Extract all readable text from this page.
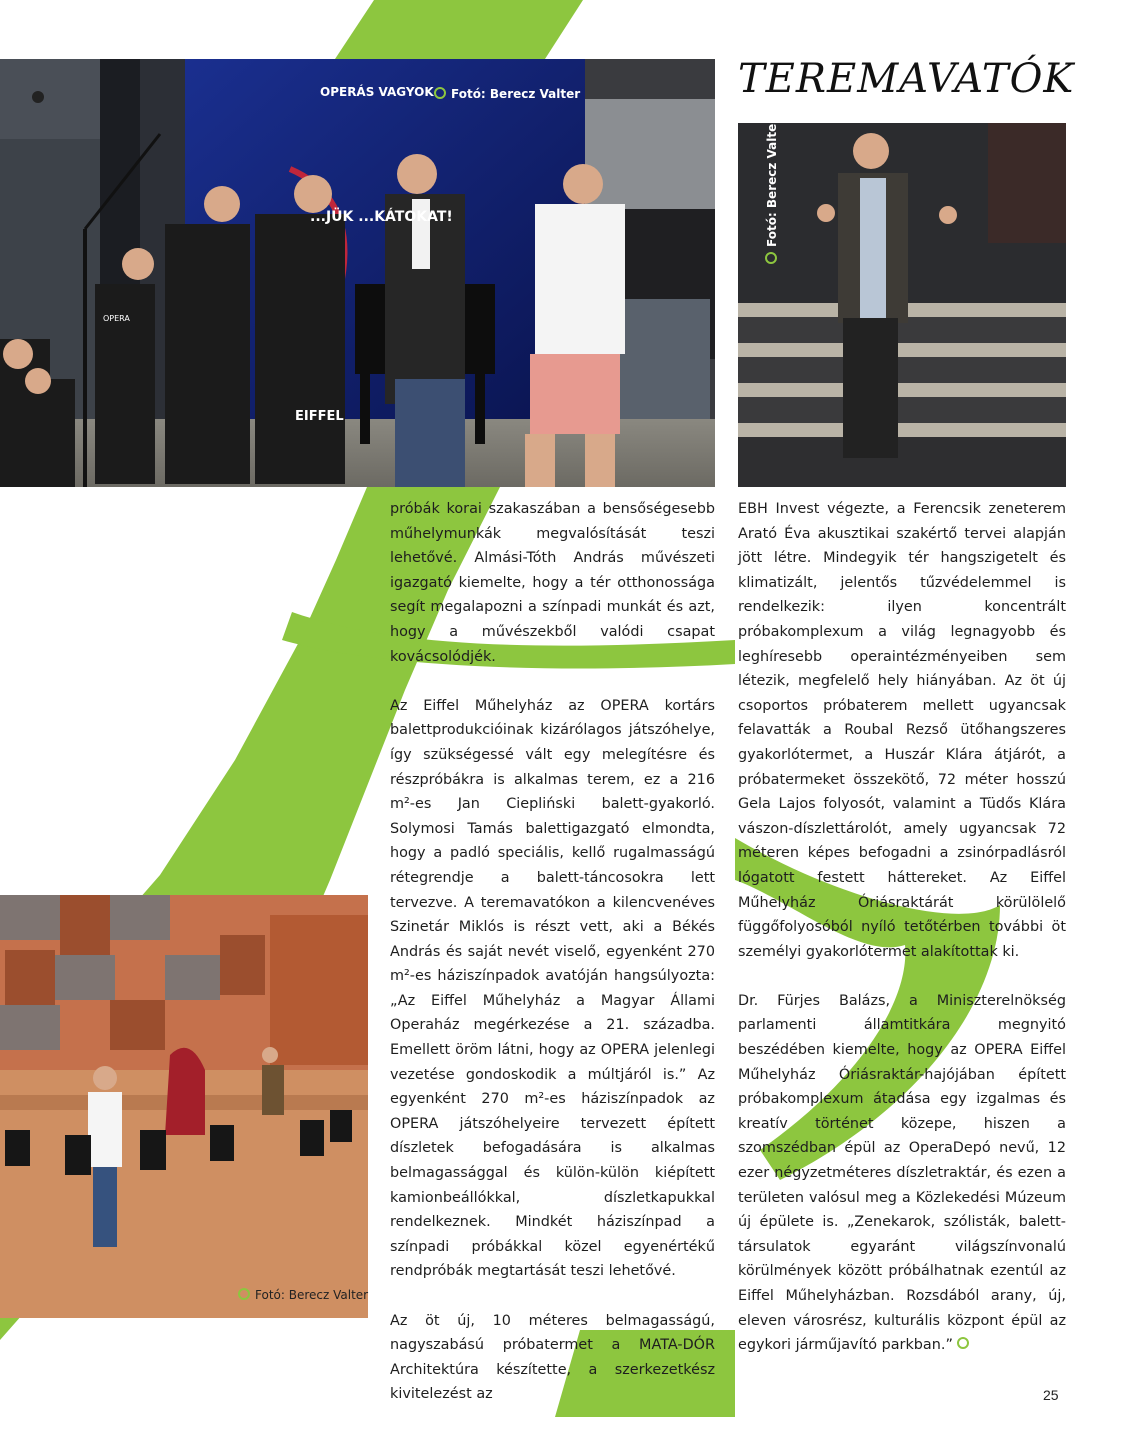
OPERÁS VAGYOK
...JÜK ...KÁTOKAT!
OPERA
EIFFEL
Fotó: Berecz Valter	TEREMAVATÓK
Fotó: Berecz Valter
Fotó: Berecz Valter

próbák korai szakaszában a bensőségesebb műhelymunkák megvalósítását teszi lehetővé. Almási-Tóth András művészeti igazgató kiemelte, hogy a tér otthonossága segít megalapozni a színpadi munkát és azt, hogy a művészekből valódi csapat kovácsolódjék.

Az Eiffel Műhelyház az OPERA kortárs balettprodukcióinak kizárólagos játszóhelye, így szükségessé vált egy melegítésre és részpróbákra is alkalmas terem, ez a 216 m²-es Jan Ciepliński balett-gyakorló. Solymosi Tamás balettigazgató elmondta, hogy a padló speciális, kellő rugalmasságú rétegrendje a balett-táncosokra lett tervezve. A teremavatókon a kilencvenéves Szinetár Miklós is részt vett, aki a Békés András és saját nevét viselő, egyenként 270 m²-es háziszínpadok avatóján hangsúlyozta: „Az Eiffel Műhelyház a Magyar Állami Operaház megérkezése a 21. századba. Emellett öröm látni, hogy az OPERA jelenlegi vezetése gondoskodik a múltjáról is.” Az egyenként 270 m²-es háziszínpadok az OPERA játszóhelyeire tervezett épített díszletek befogadására is alkalmas belmagassággal és külön-külön kiépített kamionbeállókkal, díszletkapukkal rendelkeznek. Mindkét háziszínpad a színpadi próbákkal közel egyenértékű rendpróbák megtartását teszi lehetővé.

Az öt új, 10 méteres belmagasságú, nagyszabású próbatermet a MATA-DÓR Architektúra készítette, a szerkezetkész kivitelezést az

EBH Invest végezte, a Ferencsik zeneterem Arató Éva akusztikai szakértő tervei alapján jött létre. Mindegyik tér hangszigetelt és klimatizált, jelentős tűzvédelemmel is rendelkezik: ilyen koncentrált próbakomplexum a világ legnagyobb és leghíresebb operaintézményeiben sem létezik, megfelelő hely hiányában. Az öt új csoportos próbaterem mellett ugyancsak felavatták a Roubal Rezső ütőhangszeres gyakorlótermet, a Huszár Klára átjárót, a próbatermeket összekötő, 72 méter hosszú Gela Lajos folyosót, valamint a Tüdős Klára vászon-díszlettárolót, amely ugyancsak 72 méteren képes befogadni a zsinórpadlásról lógatott festett háttereket. Az Eiffel Műhelyház Óriásraktárát körülölelő függőfolyosóból nyíló tetőtérben további öt személyi gyakorlótermet alakítottak ki.

Dr. Fürjes Balázs, a Miniszterelnökség parlamenti államtitkára megnyitó beszédében kiemelte, hogy az OPERA Eiffel Műhelyház Óriásraktár-hajójában épített próbakomplexum átadása egy izgalmas és kreatív történet közepe, hiszen a szomszédban épül az OperaDepó nevű, 12 ezer négyzetméteres díszletraktár, és ezen a területen valósul meg a Közlekedési Múzeum új épülete is. „Zenekarok, szólisták, balett-társulatok egyaránt világszínvonalú körülmények között próbálhatnak ezentúl az Eiffel Műhelyházban. Rozsdából arany, új, eleven városrész, kulturális központ épül az egykori járműjavító parkban.”

25
